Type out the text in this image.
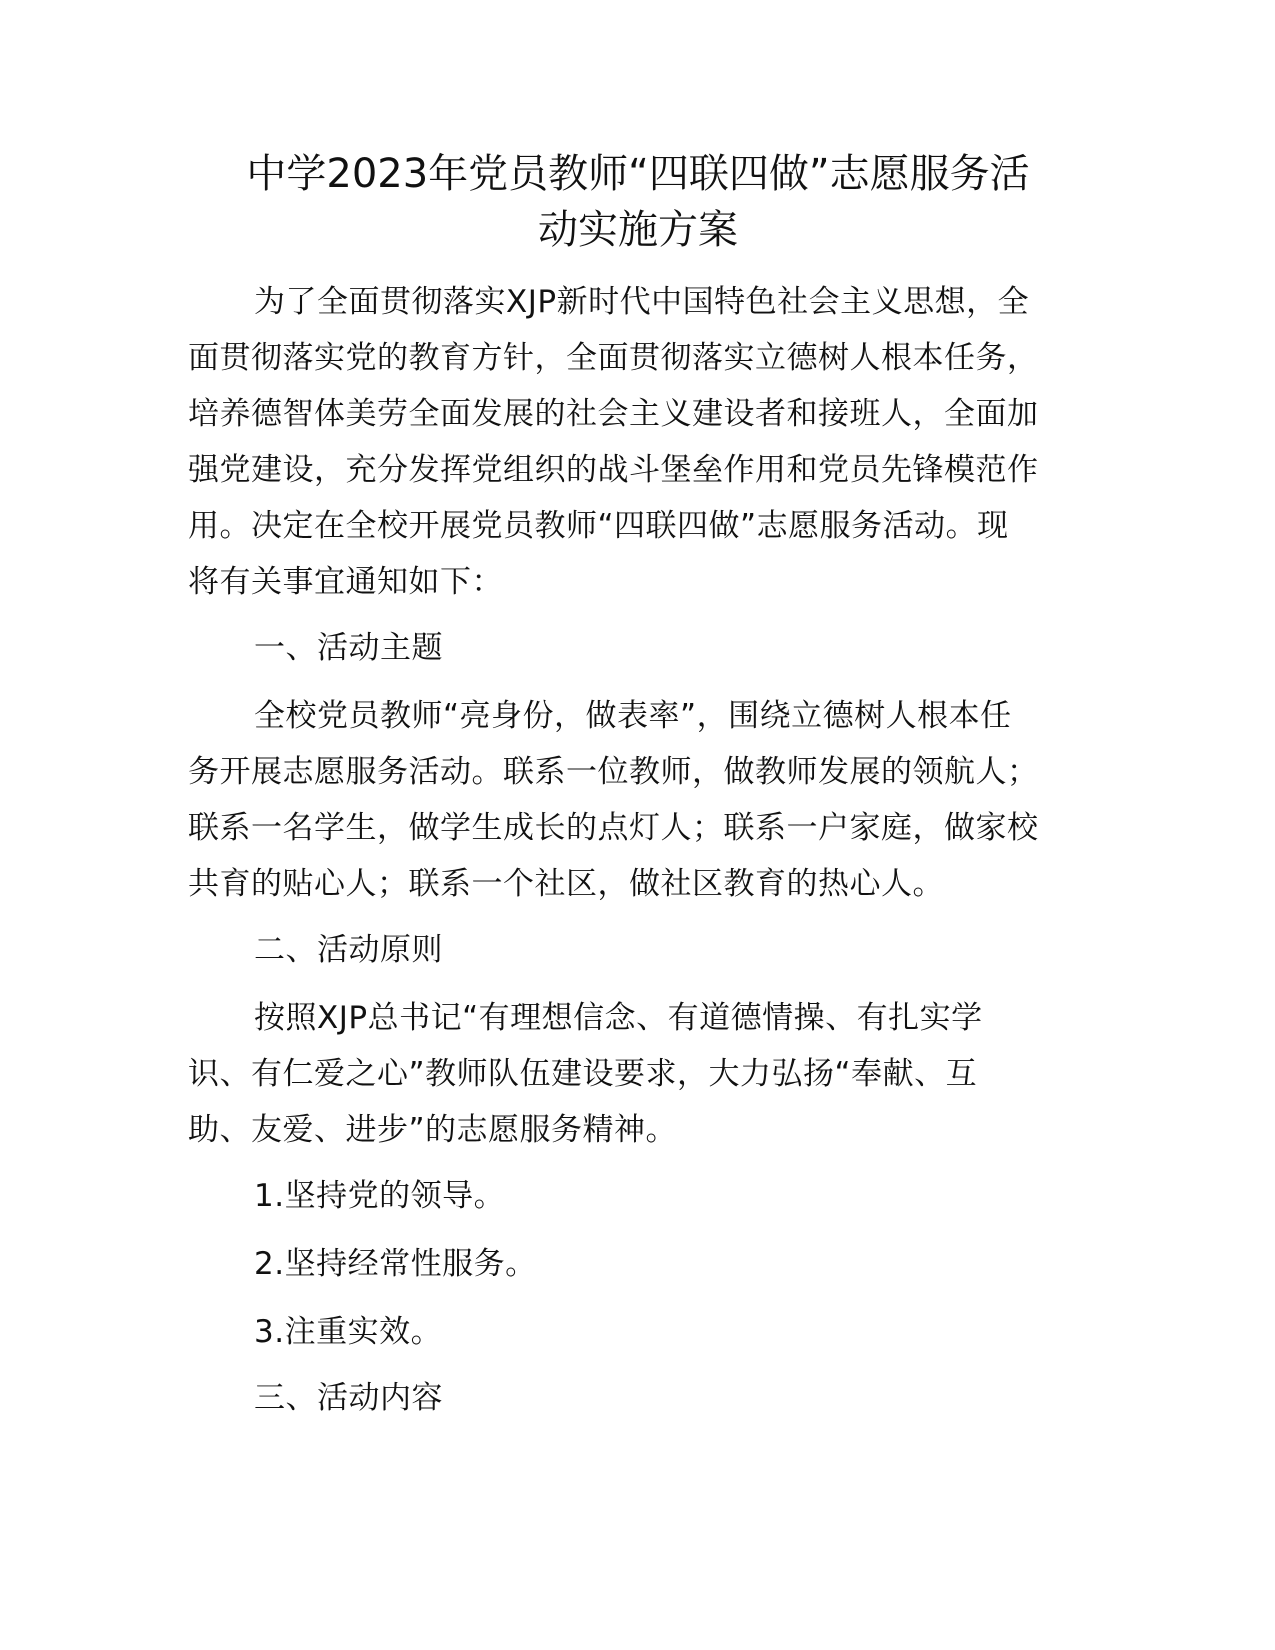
中学2023年党员教师“四联四做”志愿服务活
动实施方案
为了全面贯彻落实XJP新时代中国特色社会主义思想，全
面贯彻落实党的教育方针，全面贯彻落实立德树人根本任务，
培养德智体美劳全面发展的社会主义建设者和接班人，全面加
强党建设，充分发挥党组织的战斗堡垒作用和党员先锋模范作
用。决定在全校开展党员教师“四联四做”志愿服务活动。现
将有关事宜通知如下：
一、活动主题
全校党员教师“亮身份，做表率”，围绕立德树人根本任
务开展志愿服务活动。联系一位教师，做教师发展的领航人；
联系一名学生，做学生成长的点灯人；联系一户家庭，做家校
共育的贴心人；联系一个社区，做社区教育的热心人。
二、活动原则
按照XJP总书记“有理想信念、有道德情操、有扎实学
识、有仁爱之心”教师队伍建设要求，大力弘扬“奉献、互
助、友爱、进步”的志愿服务精神。
1.坚持党的领导。
2.坚持经常性服务。
3.注重实效。
三、活动内容
